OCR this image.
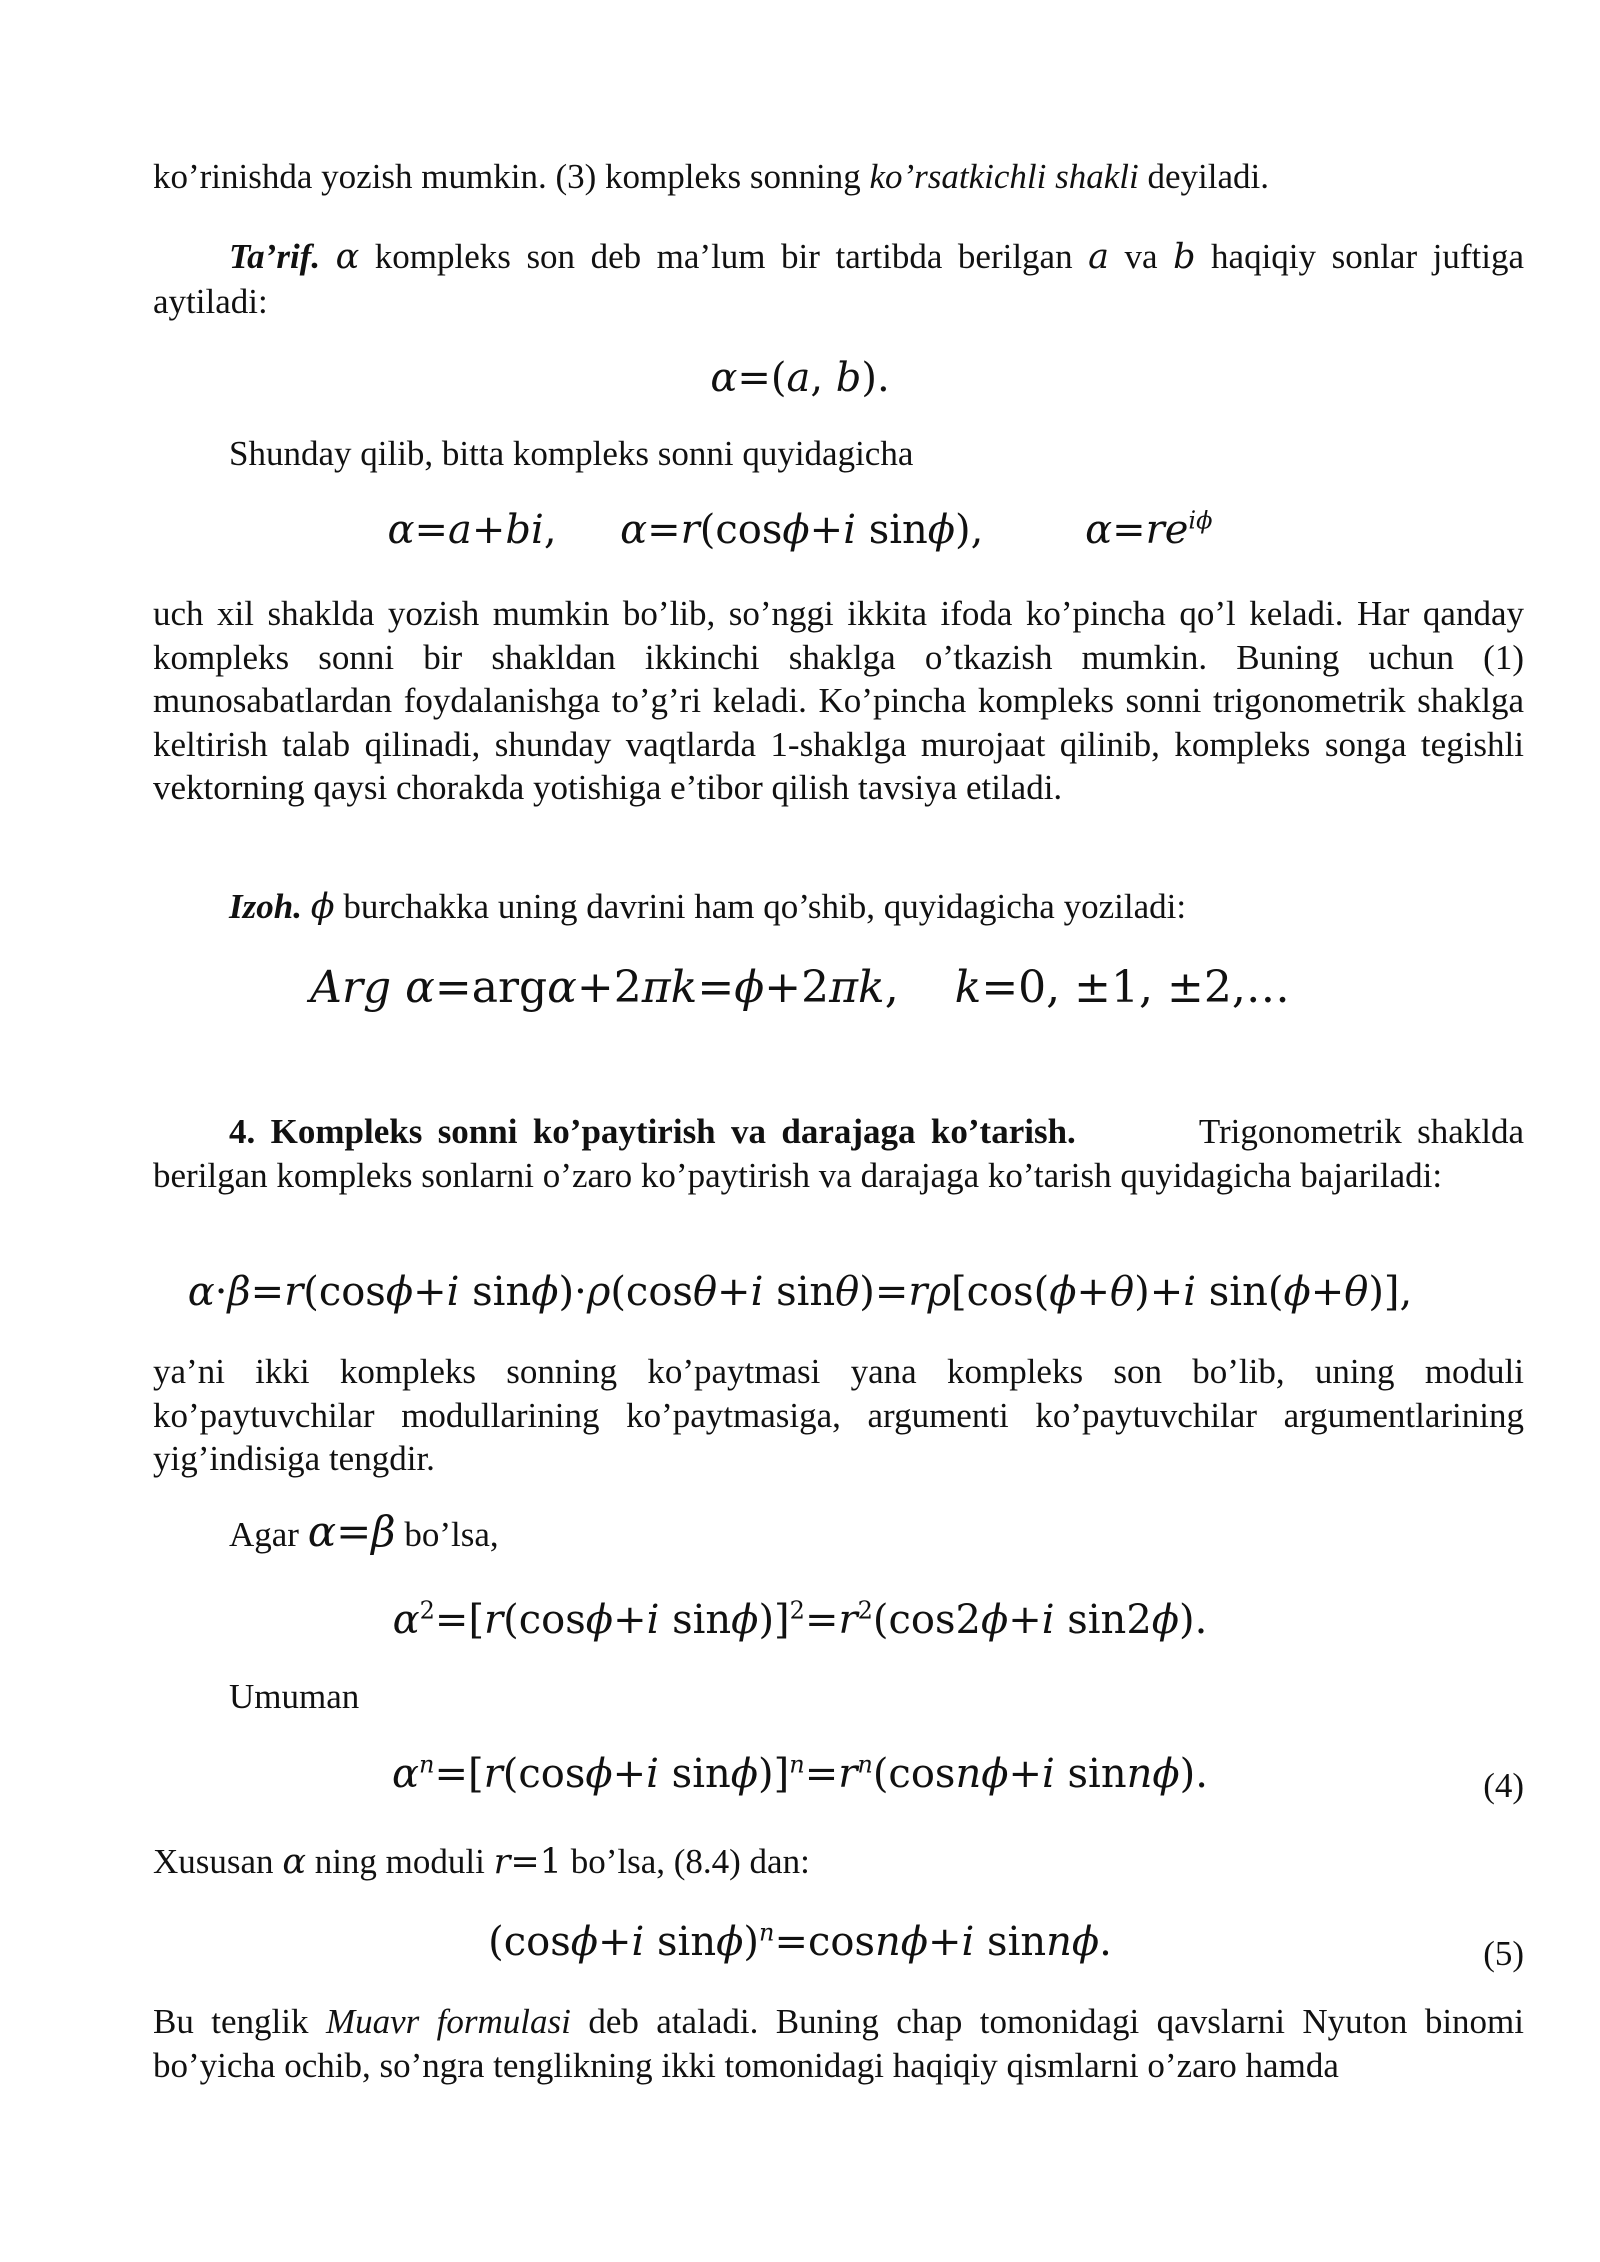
ko’rinishda yozish mumkin. (3) kompleks sonning ko’rsatkichli shakli deyiladi.
Ta’rif. α kompleks son deb ma’lum bir tartibda berilgan a va b haqiqiy sonlar juftiga aytiladi:
α=(a, b).
Shunday qilib, bitta kompleks sonni quyidagicha
α=a+bi,     α=r(cosϕ+i sinϕ),        $\alpha=re^{i\phi}$
uch xil shaklda yozish mumkin bo’lib, so’nggi ikkita ifoda ko’pincha qo’l keladi. Har qanday kompleks sonni bir shakldan ikkinchi shaklga o’tkazish mumkin. Buning uchun (1) munosabatlardan foydalanishga to’g’ri keladi. Ko’pincha kompleks sonni trigonometrik shaklga keltirish talab qilinadi, shunday vaqtlarda 1-shaklga murojaat qilinib, kompleks songa tegishli vektorning qaysi chorakda yotishiga e’tibor qilish tavsiya etiladi.
Izoh. ϕ burchakka uning davrini ham qo’shib, quyidagicha yoziladi:
Arg α=argα+2πk=ϕ+2πk,    k=0, ±1, ±2,…
4. Kompleks sonni ko’paytirish va darajaga ko’tarish.	Trigonometrik shaklda berilgan kompleks sonlarni o’zaro ko’paytirish va darajaga ko’tarish quyidagicha bajariladi:
α·β=r(cosϕ+i sinϕ)·ρ(cosθ+i sinθ)=rρ[cos(ϕ+θ)+i sin(ϕ+θ)],
ya’ni ikki kompleks sonning ko’paytmasi yana kompleks son bo’lib, uning moduli ko’paytuvchilar modullarining ko’paytmasiga, argumenti ko’paytuvchilar argumentlarining yig’indisiga tengdir.
Agar α=β bo’lsa,
$\alpha^2=[r(\cos\phi+i$ $\sin\phi)]^2=r^2(\cos 2\phi+i$ sin2ϕ).
Umuman
$\alpha^n=[r(\cos\phi+i$ $\sin\phi)]^n=r^n(\cos n\phi+i$ sinnϕ).	(4)
Xususan α ning moduli r=1 bo’lsa, (8.4) dan:
(cosϕ+i sinϕ)$^n$=cosnϕ+i sinnϕ.	(5)
Bu tenglik Muavr formulasi deb ataladi. Buning chap tomonidagi qavslarni Nyuton binomi bo’yicha ochib, so’ngra tenglikning ikki tomonidagi haqiqiy qismlarni o’zaro hamda
